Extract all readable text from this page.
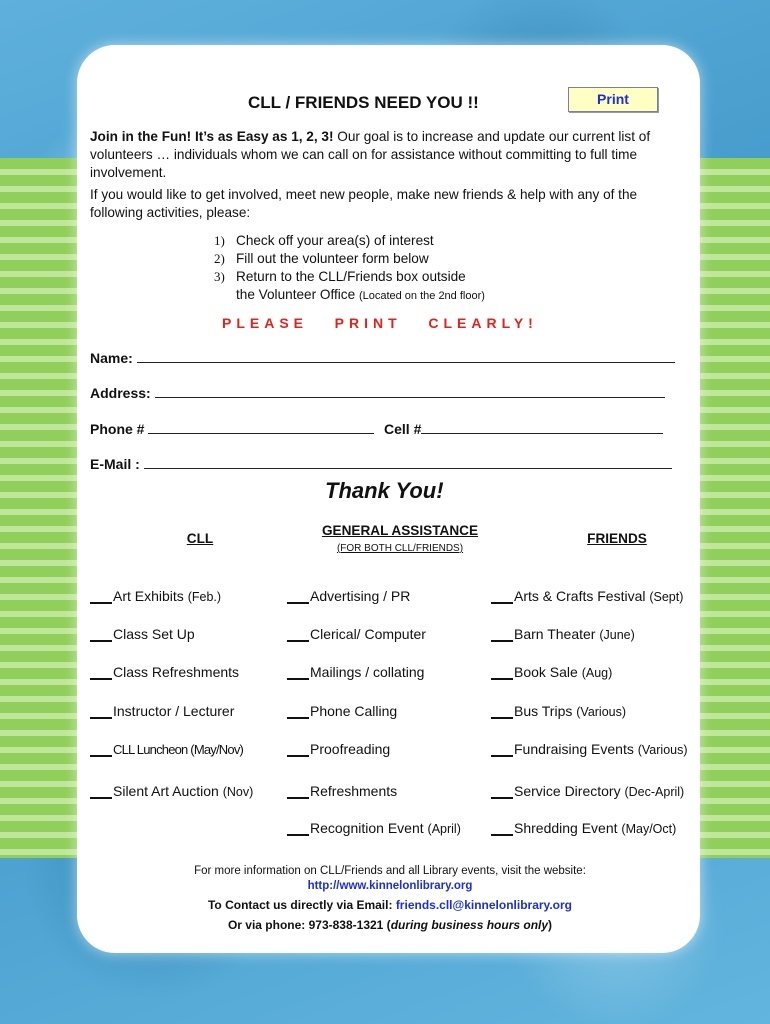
CLL / FRIENDS NEED YOU !!	Print
Join in the Fun! It’s as Easy as 1, 2, 3! Our goal is to increase and update our current list of volunteers … individuals whom we can call on for assistance without committing to full time involvement.
If you would like to get involved, meet new people, make new friends & help with any of the following activities, please:
1) Check off your area(s) of interest
2) Fill out the volunteer form below
3) Return to the CLL/Friends box outside
the Volunteer Office (Located on the 2nd floor)
PLEASE   PRINT   CLEARLY!
Name:
Address:
Phone #	Cell #
E-Mail :
Thank You!
CLL
GENERAL ASSISTANCE
(FOR BOTH CLL/FRIENDS)
FRIENDS
Art Exhibits (Feb.)
Class Set Up
Class Refreshments
Instructor / Lecturer
CLL Luncheon (May/Nov)
Silent Art Auction (Nov)
Advertising / PR
Clerical/ Computer
Mailings / collating
Phone Calling
Proofreading
Refreshments
Recognition Event (April)
Arts & Crafts Festival (Sept)
Barn Theater (June)
Book Sale (Aug)
Bus Trips (Various)
Fundraising Events (Various)
Service Directory (Dec-April)
Shredding Event (May/Oct)
For more information on CLL/Friends and all Library events, visit the website:
http://www.kinnelonlibrary.org
To Contact us directly via Email: friends.cll@kinnelonlibrary.org
Or via phone: 973-838-1321 (during business hours only)
